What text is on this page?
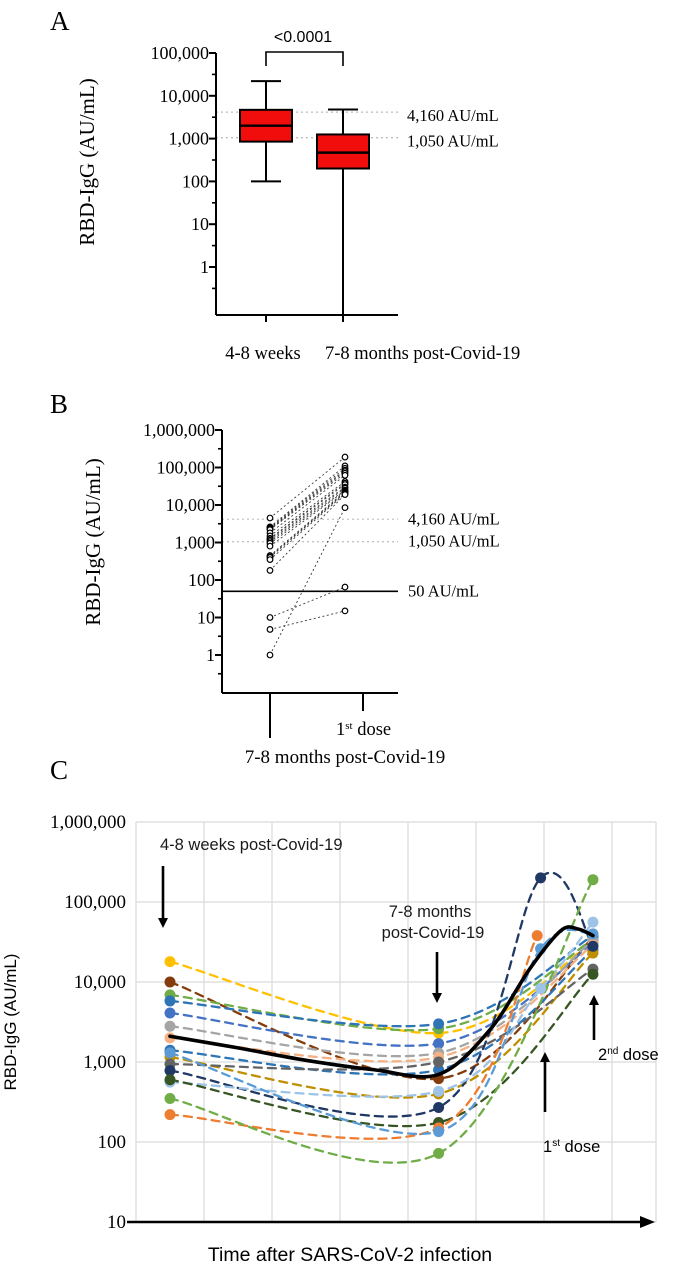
A
B
C
4,160 AU/mL
1,050 AU/mL
100,000
10,000
1,000
100
10
1
<0.0001
4-8 weeks 7-8 months post-Covid-19
RBD-IgG (AU/mL)
4,160 AU/mL
1,050 AU/mL
50 AU/mL
1,000,000
100,000
10,000
1,000
100
10
1
1st dose
7-8 months post-Covid-19
RBD-IgG (AU/mL)
1,000,000
100,000
10,000
1,000
100
10
4-8 weeks post-Covid-19
7-8 months
post-Covid-19
1st dose
2nd dose
RBD-IgG (AU/mL)
Time after SARS-CoV-2 infection
